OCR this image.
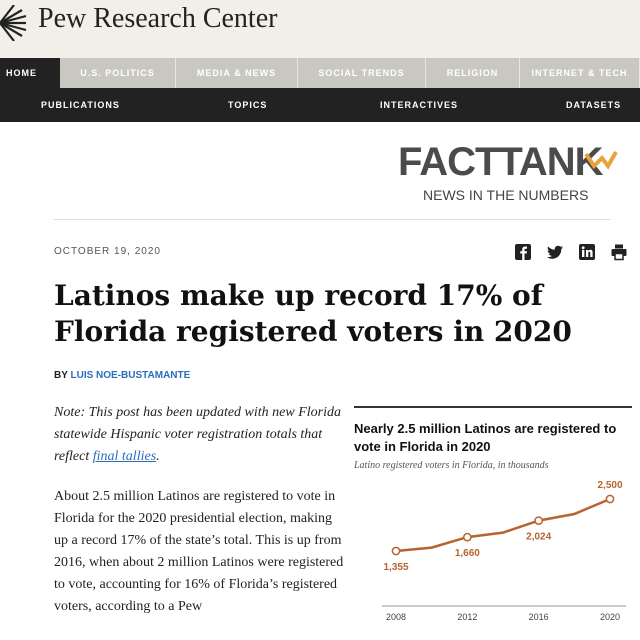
Pew Research Center
HOME	U.S. POLITICS	MEDIA & NEWS	SOCIAL TRENDS	RELIGION	INTERNET & TECH
PUBLICATIONS	TOPICS	INTERACTIVES	DATASETS
FACTTANK
NEWS IN THE NUMBERS
OCTOBER 19, 2020
Latinos make up record 17% of Florida registered voters in 2020
BY LUIS NOE-BUSTAMANTE

Note: This post has been updated with new Florida statewide Hispanic voter registration totals that reflect final tallies.

About 2.5 million Latinos are registered to vote in Florida for the 2020 presidential election, making up a record 17% of the state’s total. This is up from 2016, when about 2 million Latinos were registered to vote, accounting for 16% of Florida’s registered voters, according to a Pew

Nearly 2.5 million Latinos are registered to vote in Florida in 2020

Latino registered voters in Florida, in thousands
1,355
1,660
2,024
2,500
2008	2012	2016	2020
